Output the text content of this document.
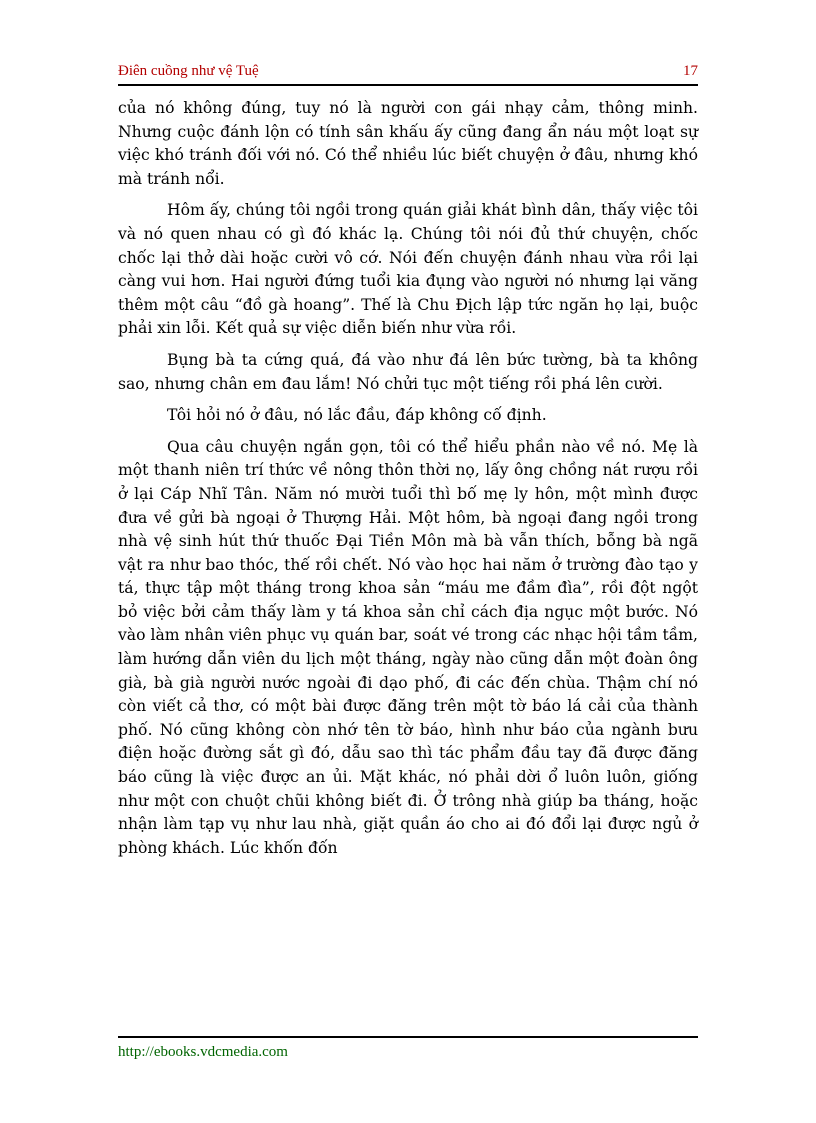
Điên cuồng như vệ Tuệ	17

của nó không đúng, tuy nó là người con gái nhạy cảm, thông minh. Nhưng cuộc đánh lộn có tính sân khấu ấy cũng đang ẩn náu một loạt sự việc khó tránh đối với nó. Có thể nhiều lúc biết chuyện ở đâu, nhưng khó mà tránh nổi.

Hôm ấy, chúng tôi ngồi trong quán giải khát bình dân, thấy việc tôi và nó quen nhau có gì đó khác lạ. Chúng tôi nói đủ thứ chuyện, chốc chốc lại thở dài hoặc cười vô cớ. Nói đến chuyện đánh nhau vừa rồi lại càng vui hơn. Hai người đứng tuổi kia đụng vào người nó nhưng lại văng thêm một câu “đồ gà hoang”. Thế là Chu Địch lập tức ngăn họ lại, buộc phải xin lỗi. Kết quả sự việc diễn biến như vừa rồi.

Bụng bà ta cứng quá, đá vào như đá lên bức tường, bà ta không sao, nhưng chân em đau lắm! Nó chửi tục một tiếng rồi phá lên cười.

Tôi hỏi nó ở đâu, nó lắc đầu, đáp không cố định.

Qua câu chuyện ngắn gọn, tôi có thể hiểu phần nào về nó. Mẹ là một thanh niên trí thức về nông thôn thời nọ, lấy ông chồng nát rượu rồi ở lại Cáp Nhĩ Tân. Năm nó mười tuổi thì bố mẹ ly hôn, một mình được đưa về gửi bà ngoại ở Thượng Hải. Một hôm, bà ngoại đang ngồi trong nhà vệ sinh hút thứ thuốc Đại Tiền Môn mà bà vẫn thích, bỗng bà ngã vật ra như bao thóc, thế rồi chết. Nó vào học hai năm ở trường đào tạo y tá, thực tập một tháng trong khoa sản “máu me đầm đìa”, rồi đột ngột bỏ việc bởi cảm thấy làm y tá khoa sản chỉ cách địa ngục một bước. Nó vào làm nhân viên phục vụ quán bar, soát vé trong các nhạc hội tầm tầm, làm hướng dẫn viên du lịch một tháng, ngày nào cũng dẫn một đoàn ông già, bà già người nước ngoài đi dạo phố, đi các đến chùa. Thậm chí nó còn viết cả thơ, có một bài được đăng trên một tờ báo lá cải của thành phố. Nó cũng không còn nhớ tên tờ báo, hình như báo của ngành bưu điện hoặc đường sắt gì đó, dẫu sao thì tác phẩm đầu tay đã được đăng báo cũng là việc được an ủi. Mặt khác, nó phải dời ổ luôn luôn, giống như một con chuột chũi không biết đi. Ở trông nhà giúp ba tháng, hoặc nhận làm tạp vụ như lau nhà, giặt quần áo cho ai đó đổi lại được ngủ ở phòng khách. Lúc khốn đốn

http://ebooks.vdcmedia.com
